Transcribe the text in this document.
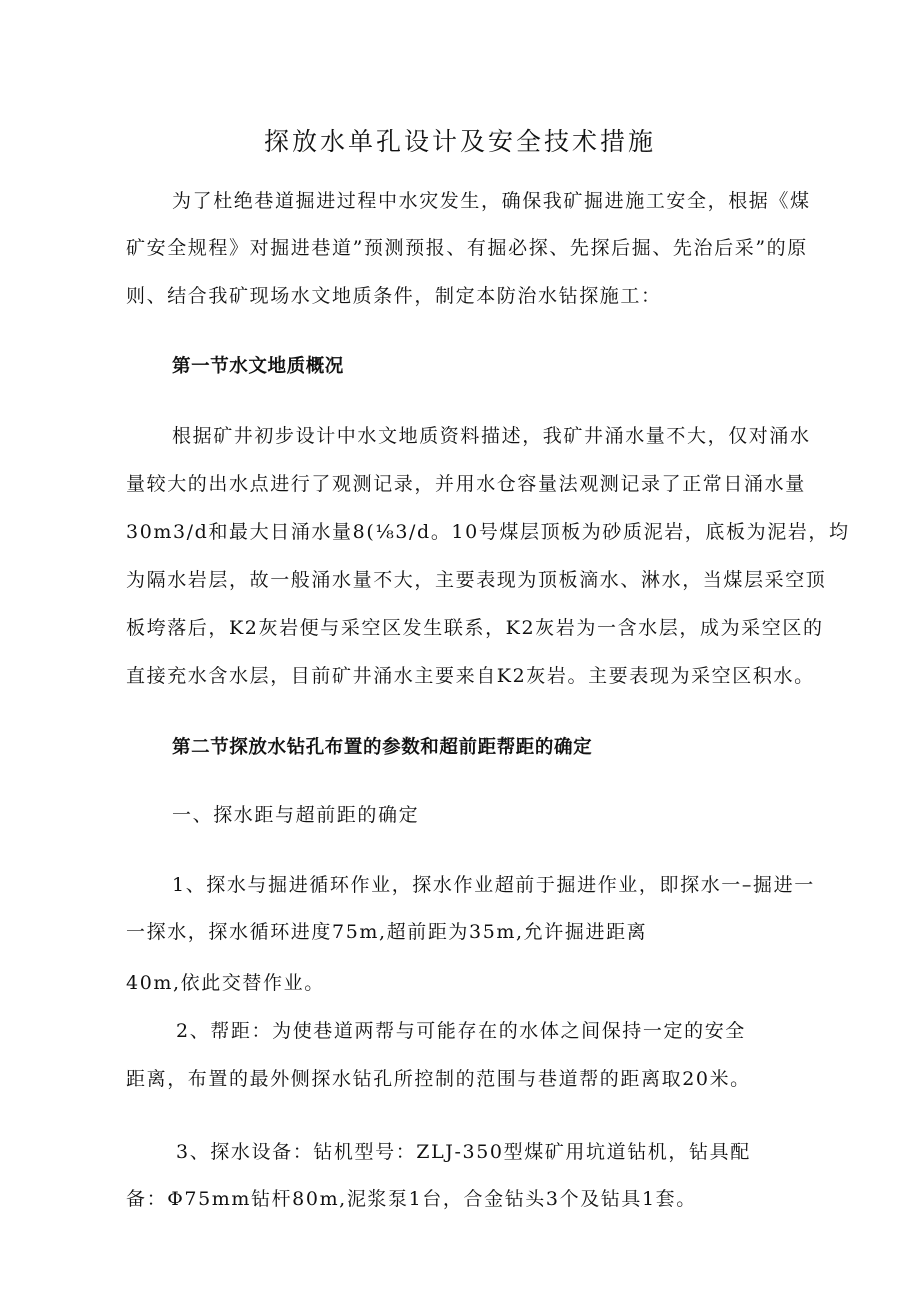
探放水单孔设计及安全技术措施
为了杜绝巷道掘进过程中水灾发生，确保我矿掘进施工安全，根据《煤
矿安全规程》对掘进巷道”预测预报、有掘必探、先探后掘、先治后采”的原
则、结合我矿现场水文地质条件，制定本防治水钻探施工：
第一节水文地质概况
根据矿井初步设计中水文地质资料描述，我矿井涌水量不大，仅对涌水
量较大的出水点进行了观测记录，并用水仓容量法观测记录了正常日涌水量
30m3/d和最大日涌水量8(⅛3/d。10号煤层顶板为砂质泥岩，底板为泥岩，均
为隔水岩层，故一般涌水量不大，主要表现为顶板滴水、淋水，当煤层采空顶
板垮落后，K2灰岩便与采空区发生联系，K2灰岩为一含水层，成为采空区的
直接充水含水层，目前矿井涌水主要来自K2灰岩。主要表现为采空区积水。
第二节探放水钻孔布置的参数和超前距帮距的确定
一、探水距与超前距的确定
1、探水与掘进循环作业，探水作业超前于掘进作业，即探水一–掘进一
一探水，探水循环进度75m,超前距为35m,允许掘进距离
40m,依此交替作业。
2、帮距：为使巷道两帮与可能存在的水体之间保持一定的安全
距离，布置的最外侧探水钻孔所控制的范围与巷道帮的距离取20米。
3、探水设备：钻机型号：ZLJ-350型煤矿用坑道钻机，钻具配
备：Φ75mm钻杆80m,泥浆泵1台，合金钻头3个及钻具1套。
